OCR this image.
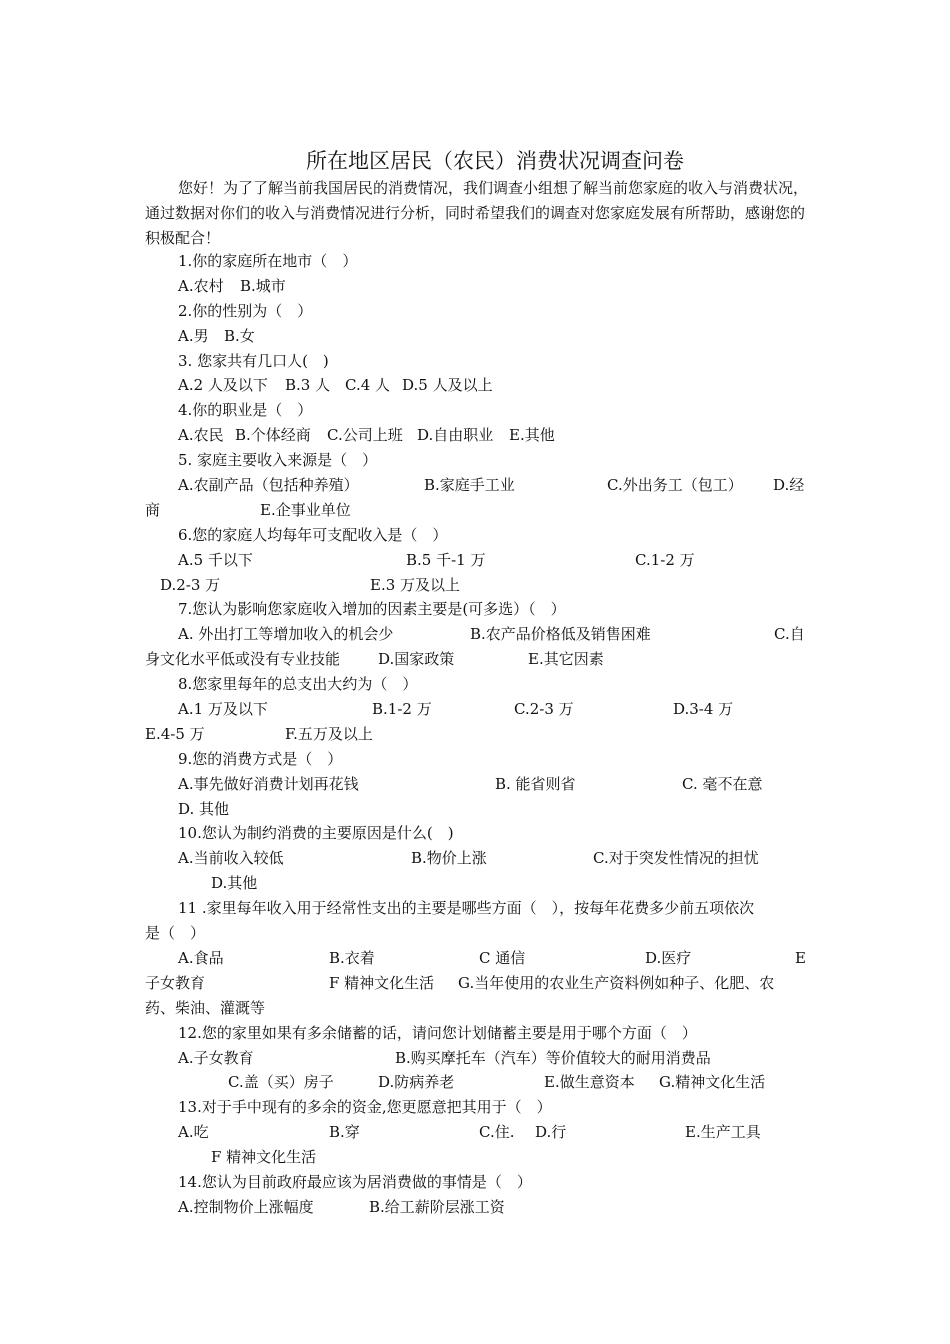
所在地区居民（农民）消费状况调查问卷

您好！为了了解当前我国居民的消费情况，我们调查小组想了解当前您家庭的收入与消费状况，通过数据对你们的收入与消费情况进行分析，同时希望我们的调查对您家庭发展有所帮助，感谢您的积极配合！

1.你的家庭所在地市（　）
A.农村 B.城市
2.你的性别为（　）
A.男 B.女
3. 您家共有几口人(　)
A.2 人及以下 B.3 人 C.4 人 D.5 人及以上
4.你的职业是（　）
A.农民 B.个体经商 C.公司上班 D.自由职业 E.其他
5. 家庭主要收入来源是（　）
A.农副产品（包括种养殖）	B.家庭手工业	C.外出务工（包工） D.经
商	E.企事业单位
6.您的家庭人均每年可支配收入是（　）
A.5 千以下	B.5 千-1 万	C.1-2 万
D.2-3 万	E.3 万及以上
7.您认为影响您家庭收入增加的因素主要是(可多选）（　）
A. 外出打工等增加收入的机会少	B.农产品价格低及销售困难	C.自
身文化水平低或没有专业技能	D.国家政策	E.其它因素
8.您家里每年的总支出大约为（　）
A.1 万及以下	B.1-2 万	C.2-3 万	D.3-4 万
E.4-5 万	F.五万及以上
9.您的消费方式是（　）
A.事先做好消费计划再花钱	B. 能省则省	C. 毫不在意
D. 其他
10.您认为制约消费的主要原因是什么(　)
A.当前收入较低	B.物价上涨	C.对于突发性情况的担忧
D.其他
11 .家里每年收入用于经常性支出的主要是哪些方面（　），按每年花费多少前五项依次
是（　）
A.食品	B.衣着	C 通信	D.医疗	E
子女教育	F 精神文化生活 G.当年使用的农业生产资料例如种子、化肥、农
药、柴油、灌溉等
12.您的家里如果有多余储蓄的话，请问您计划储蓄主要是用于哪个方面（　）
A.子女教育	B.购买摩托车（汽车）等价值较大的耐用消费品
C.盖（买）房子	D.防病养老	E.做生意资本 G.精神文化生活
13.对于手中现有的多余的资金,您更愿意把其用于（　）
A.吃	B.穿	C.住. D.行	E.生产工具
F 精神文化生活
14.您认为目前政府最应该为居消费做的事情是（　）
A.控制物价上涨幅度	B.给工薪阶层涨工资
